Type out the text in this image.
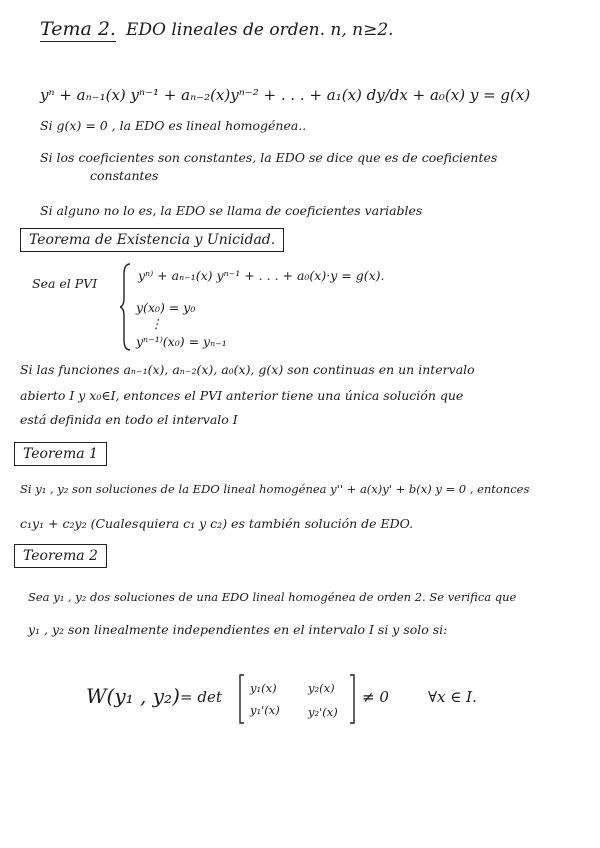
Tema 2. EDO lineales de orden. n, n≥2.
yⁿ + aₙ₋₁(x) yⁿ⁻¹ + aₙ₋₂(x)yⁿ⁻² + . . . + a₁(x) dy/dx + a₀(x) y = g(x)
Si g(x) = 0 , la EDO es lineal homogénea..
Si los coeficientes son constantes, la EDO se dice que es de coeficientes
constantes
Si alguno no lo es, la EDO se llama de coeficientes variables
Teorema de Existencia y Unicidad.
Sea el PVI
yⁿ⁾ + aₙ₋₁(x) yⁿ⁻¹ + . . . + a₀(x)·y = g(x).
y(x₀) = y₀
⋮
yⁿ⁻¹⁾(x₀) = yₙ₋₁
Si las funciones aₙ₋₁(x), aₙ₋₂(x), a₀(x), g(x) son continuas en un intervalo
abierto I y x₀∈I, entonces el PVI anterior tiene una única solución que
está definida en todo el intervalo I
Teorema 1
Si y₁ , y₂ son soluciones de la EDO lineal homogénea y'' + a(x)y' + b(x) y = 0 , entonces
c₁y₁ + c₂y₂ (Cualesquiera c₁ y c₂) es también solución de EDO.
Teorema 2
Sea y₁ , y₂ dos soluciones de una EDO lineal homogénea de orden 2. Se verifica que
y₁ , y₂ son linealmente independientes en el intervalo I si y solo si:
W(y₁ , y₂) = det y₁(x)	y₂(x)
y₁'(x) y₂'(x)
≠ 0	∀x ∈ I.
